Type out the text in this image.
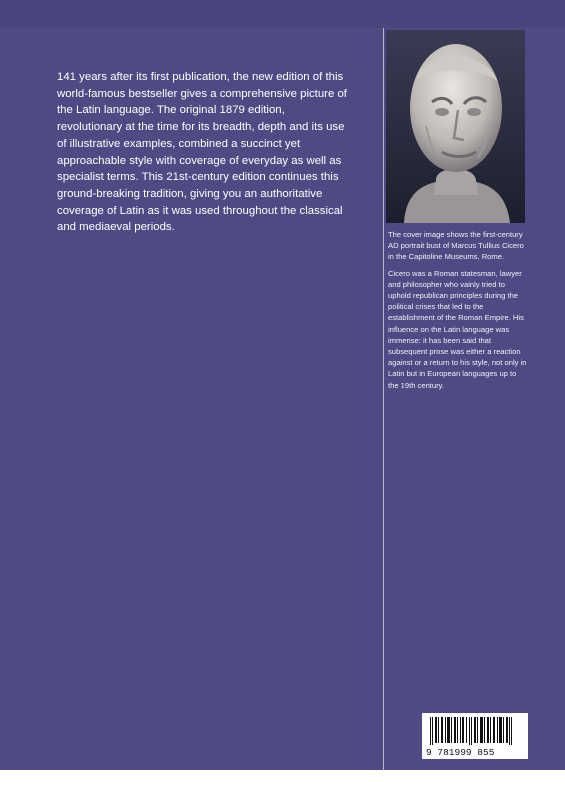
141 years after its first publication, the new edition of this world-famous bestseller gives a comprehensive picture of the Latin language. The original 1879 edition, revolutionary at the time for its breadth, depth and its use of illustrative examples, combined a succinct yet approachable style with coverage of everyday as well as specialist terms. This 21st-century edition continues this ground-breaking tradition, giving you an authoritative coverage of Latin as it was used throughout the classical and mediaeval periods.

The cover image shows the first-century AD portrait bust of Marcus Tullius Cicero in the Capitoline Museums, Rome.

Cicero was a Roman statesman, lawyer and philosopher who vainly tried to uphold republican principles during the political crises that led to the establishment of the Roman Empire. His influence on the Latin language was immense: it has been said that subsequent prose was either a reaction against or a return to his style, not only in Latin but in European languages up to the 19th century.

9 781999 855
